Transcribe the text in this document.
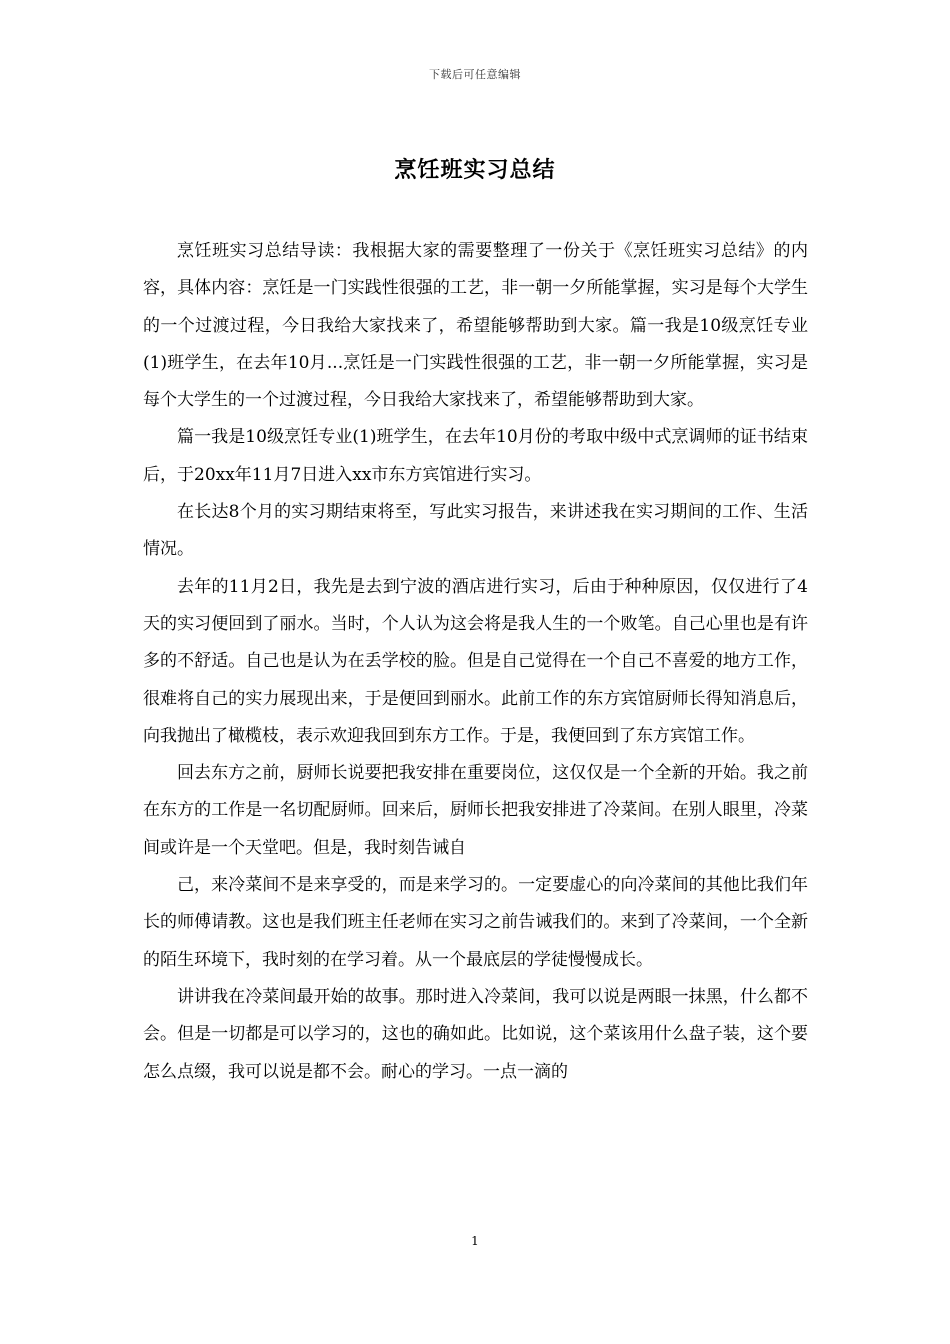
下载后可任意编辑
烹饪班实习总结

烹饪班实习总结导读：我根据大家的需要整理了一份关于《烹饪班实习总结》的内容，具体内容：烹饪是一门实践性很强的工艺，非一朝一夕所能掌握，实习是每个大学生的一个过渡过程，今日我给大家找来了，希望能够帮助到大家。篇一我是10级烹饪专业(1)班学生，在去年10月...烹饪是一门实践性很强的工艺，非一朝一夕所能掌握，实习是每个大学生的一个过渡过程，今日我给大家找来了，希望能够帮助到大家。

篇一我是10级烹饪专业(1)班学生，在去年10月份的考取中级中式烹调师的证书结束后，于20xx年11月7日进入xx市东方宾馆进行实习。

在长达8个月的实习期结束将至，写此实习报告，来讲述我在实习期间的工作、生活情况。

去年的11月2日，我先是去到宁波的酒店进行实习，后由于种种原因，仅仅进行了4天的实习便回到了丽水。当时，个人认为这会将是我人生的一个败笔。自己心里也是有许多的不舒适。自己也是认为在丢学校的脸。但是自己觉得在一个自己不喜爱的地方工作，很难将自己的实力展现出来，于是便回到丽水。此前工作的东方宾馆厨师长得知消息后，向我抛出了橄榄枝，表示欢迎我回到东方工作。于是，我便回到了东方宾馆工作。

回去东方之前，厨师长说要把我安排在重要岗位，这仅仅是一个全新的开始。我之前在东方的工作是一名切配厨师。回来后，厨师长把我安排进了冷菜间。在别人眼里，冷菜间或许是一个天堂吧。但是，我时刻告诫自

己，来冷菜间不是来享受的，而是来学习的。一定要虚心的向冷菜间的其他比我们年长的师傅请教。这也是我们班主任老师在实习之前告诫我们的。来到了冷菜间，一个全新的陌生环境下，我时刻的在学习着。从一个最底层的学徒慢慢成长。

讲讲我在冷菜间最开始的故事。那时进入冷菜间，我可以说是两眼一抹黑，什么都不会。但是一切都是可以学习的，这也的确如此。比如说，这个菜该用什么盘子装，这个要怎么点缀，我可以说是都不会。耐心的学习。一点一滴的

1
